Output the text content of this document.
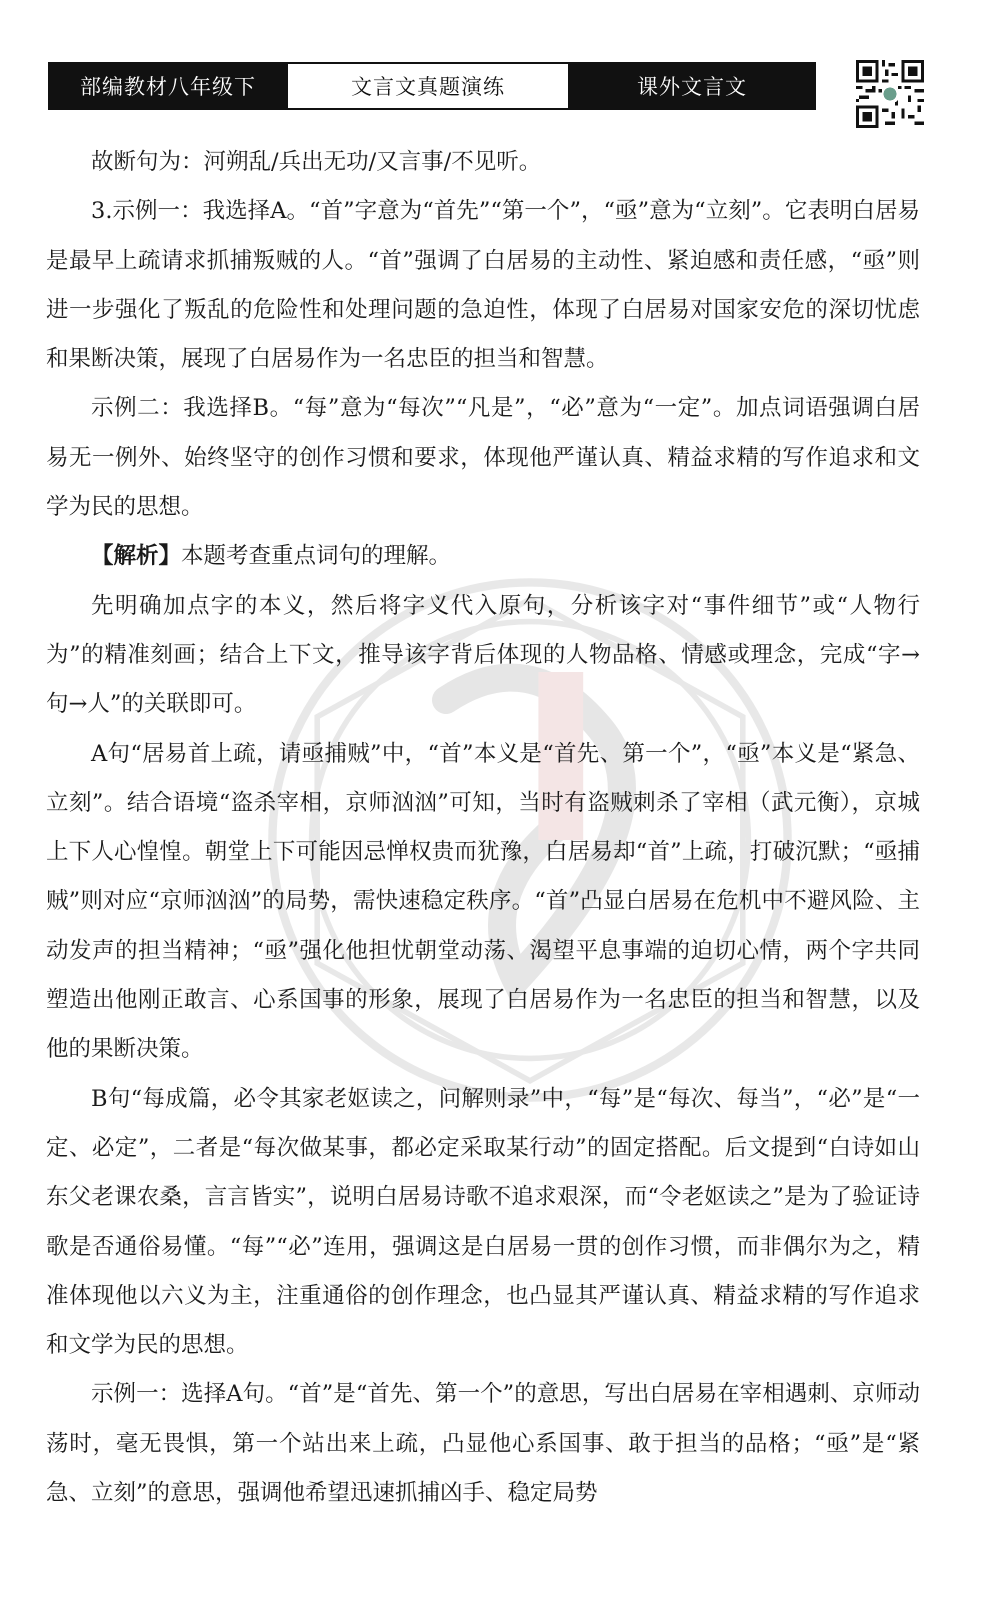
部编教材八年级下	文言文真题演练	课外文言文

故断句为：河朔乱/兵出无功/又言事/不见听。

3.示例一：我选择A。“首”字意为“首先”“第一个”，“亟”意为“立刻”。它表明白居易是最早上疏请求抓捕叛贼的人。“首”强调了白居易的主动性、紧迫感和责任感，“亟”则进一步强化了叛乱的危险性和处理问题的急迫性，体现了白居易对国家安危的深切忧虑和果断决策，展现了白居易作为一名忠臣的担当和智慧。

示例二：我选择B。“每”意为“每次”“凡是”，“必”意为“一定”。加点词语强调白居易无一例外、始终坚守的创作习惯和要求，体现他严谨认真、精益求精的写作追求和文学为民的思想。

【解析】本题考查重点词句的理解。

先明确加点字的本义，然后将字义代入原句，分析该字对“事件细节”或“人物行为”的精准刻画；结合上下文，推导该字背后体现的人物品格、情感或理念，完成“字→句→人”的关联即可。

A句“居易首上疏，请亟捕贼”中，“首”本义是“首先、第一个”，“亟”本义是“紧急、立刻”。结合语境“盗杀宰相，京师汹汹”可知，当时有盗贼刺杀了宰相（武元衡），京城上下人心惶惶。朝堂上下可能因忌惮权贵而犹豫，白居易却“首”上疏，打破沉默；“亟捕贼”则对应“京师汹汹”的局势，需快速稳定秩序。“首”凸显白居易在危机中不避风险、主动发声的担当精神；“亟”强化他担忧朝堂动荡、渴望平息事端的迫切心情，两个字共同塑造出他刚正敢言、心系国事的形象，展现了白居易作为一名忠臣的担当和智慧，以及他的果断决策。

B句“每成篇，必令其家老妪读之，问解则录”中，“每”是“每次、每当”，“必”是“一定、必定”，二者是“每次做某事，都必定采取某行动”的固定搭配。后文提到“白诗如山东父老课农桑，言言皆实”，说明白居易诗歌不追求艰深，而“令老妪读之”是为了验证诗歌是否通俗易懂。“每”“必”连用，强调这是白居易一贯的创作习惯，而非偶尔为之，精准体现他以六义为主，注重通俗的创作理念，也凸显其严谨认真、精益求精的写作追求和文学为民的思想。

示例一：选择A句。“首”是“首先、第一个”的意思，写出白居易在宰相遇刺、京师动荡时，毫无畏惧，第一个站出来上疏，凸显他心系国事、敢于担当的品格；“亟”是“紧急、立刻”的意思，强调他希望迅速抓捕凶手、稳定局势
